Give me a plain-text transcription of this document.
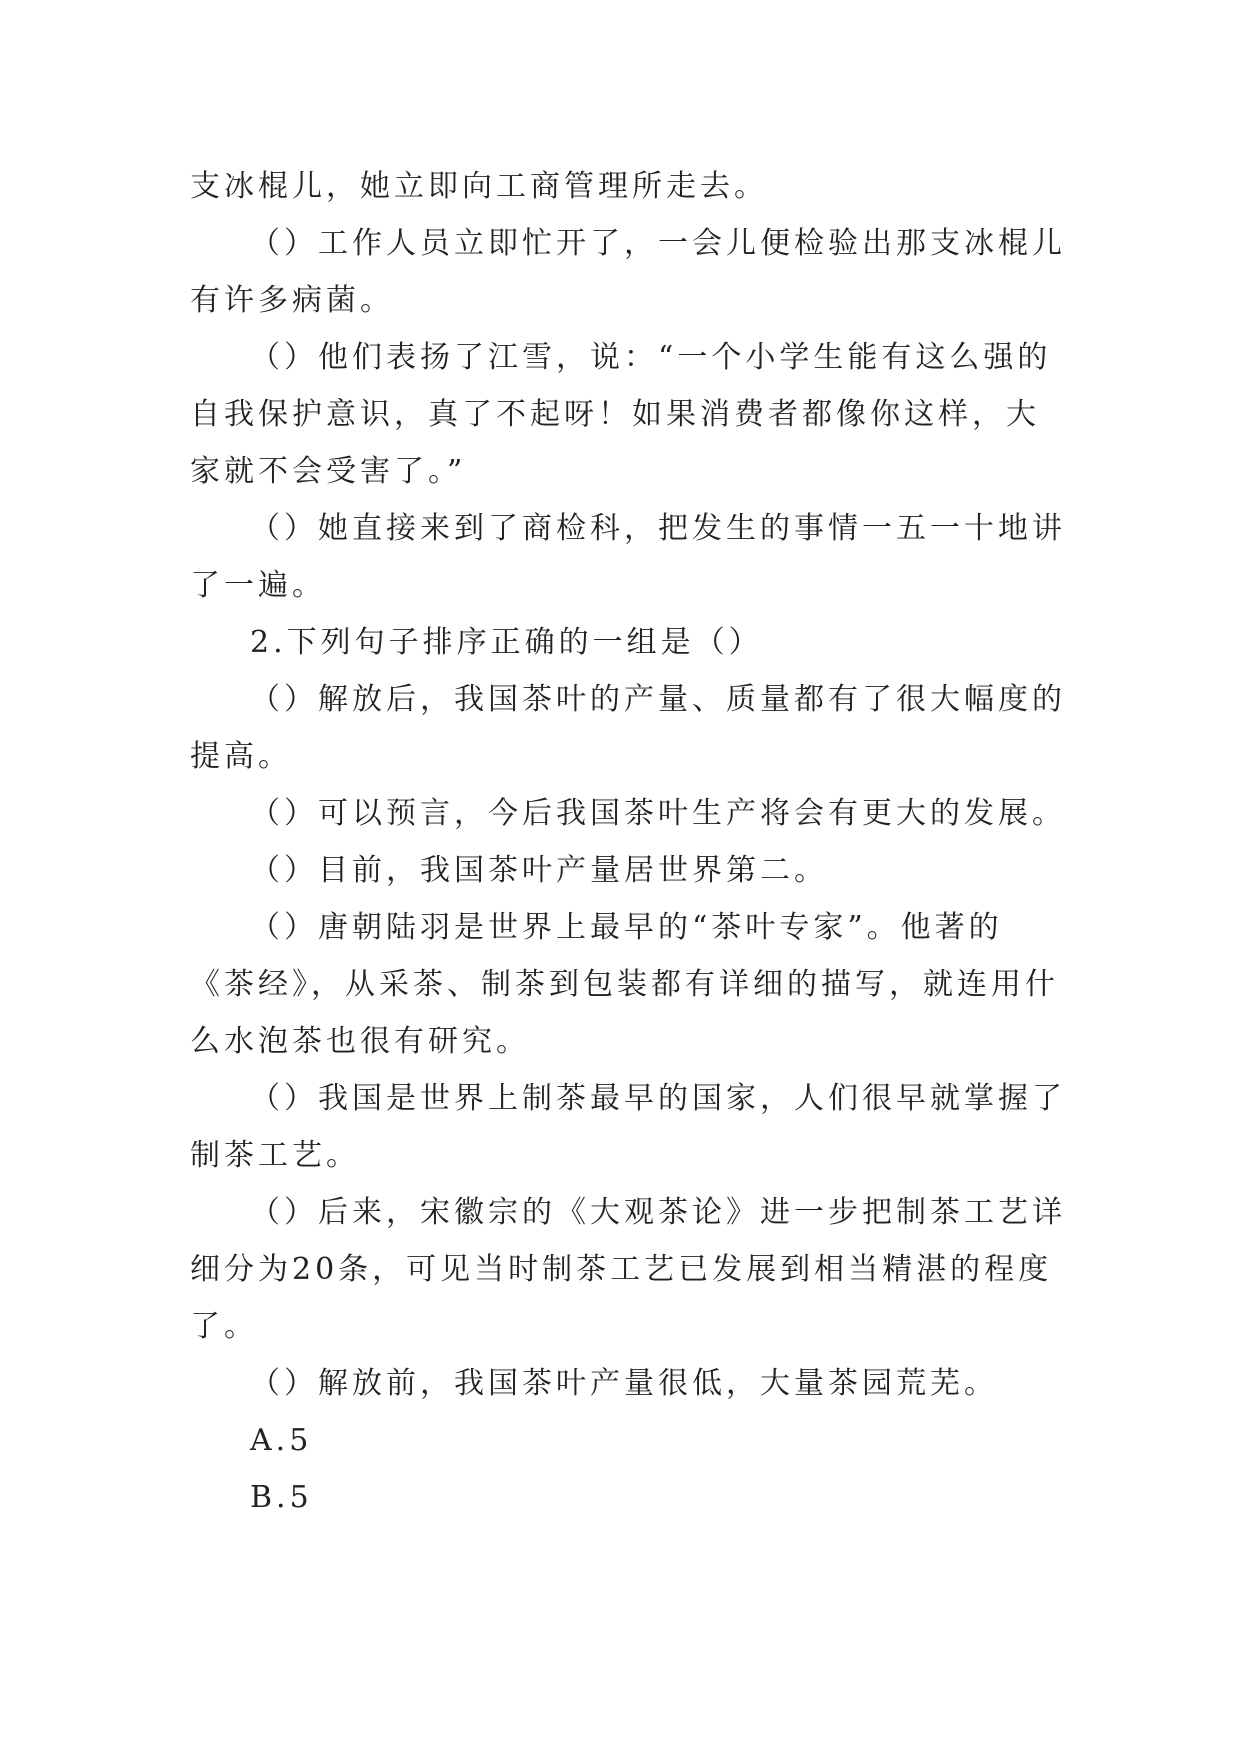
支冰棍儿，她立即向工商管理所走去。

（）工作人员立即忙开了，一会儿便检验出那支冰棍儿有许多病菌。

（）他们表扬了江雪，说：“一个小学生能有这么强的自我保护意识，真了不起呀！如果消费者都像你这样，大家就不会受害了。”

（）她直接来到了商检科，把发生的事情一五一十地讲了一遍。

2.下列句子排序正确的一组是（）

（）解放后，我国茶叶的产量、质量都有了很大幅度的提高。

（）可以预言，今后我国茶叶生产将会有更大的发展。

（）目前，我国茶叶产量居世界第二。

（）唐朝陆羽是世界上最早的“茶叶专家”。他著的《茶经》，从采茶、制茶到包装都有详细的描写，就连用什么水泡茶也很有研究。

（）我国是世界上制茶最早的国家，人们很早就掌握了制茶工艺。

（）后来，宋徽宗的《大观茶论》进一步把制茶工艺详细分为20条，可见当时制茶工艺已发展到相当精湛的程度了。

（）解放前，我国茶叶产量很低，大量茶园荒芜。

A.5

B.5
